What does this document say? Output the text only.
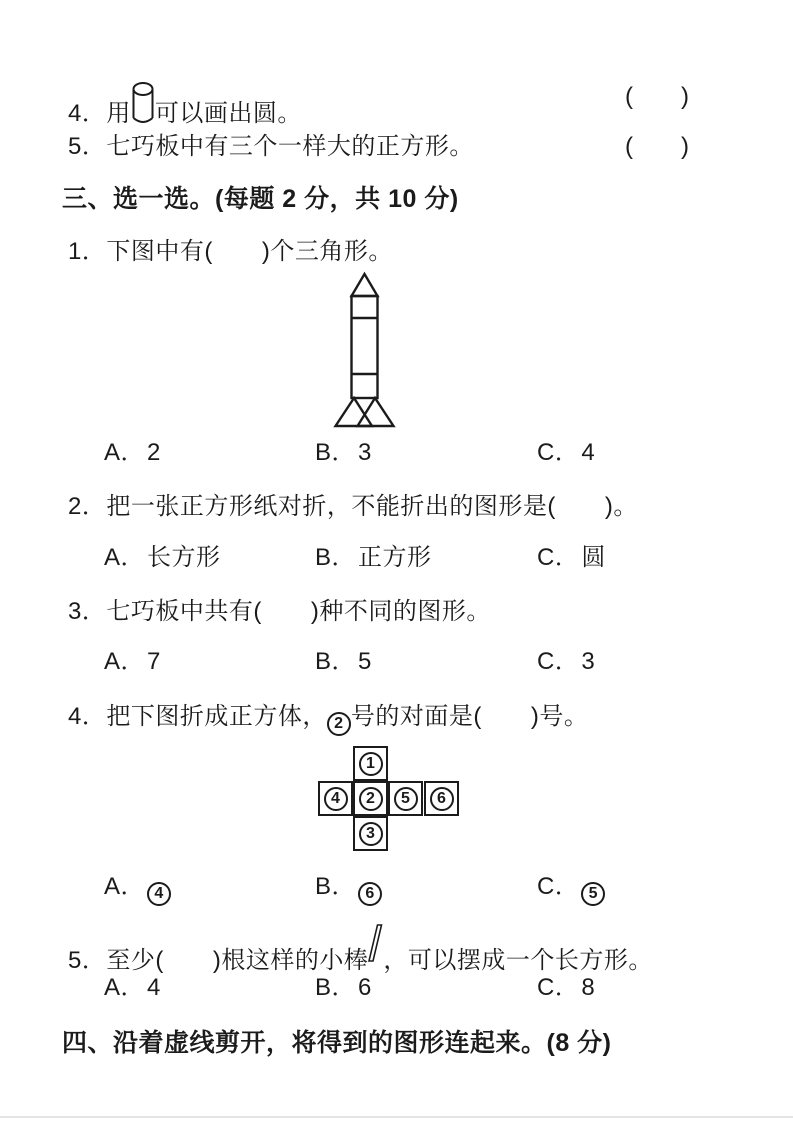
4．用 可以画出圆。
(　　)
5．七巧板中有三个一样大的正方形。	(　　)
三、选一选。(每题 2 分，共 10 分)
1．下图中有(　　)个三角形。
A．2	B．3	C．4
2．把一张正方形纸对折，不能折出的图形是(　　)。
A．长方形	B．正方形	C．圆
3．七巧板中共有(　　)种不同的图形。
A．7	B．5	C．3
4．把下图折成正方体， 2 号的对面是(　　)号。
1
4	2	5	6
3
A． 4	B． 6	C． 5
5．至少(　　)根这样的小棒 ，可以摆成一个长方形。
A．4	B．6	C．8
四、沿着虚线剪开，将得到的图形连起来。(8 分)
